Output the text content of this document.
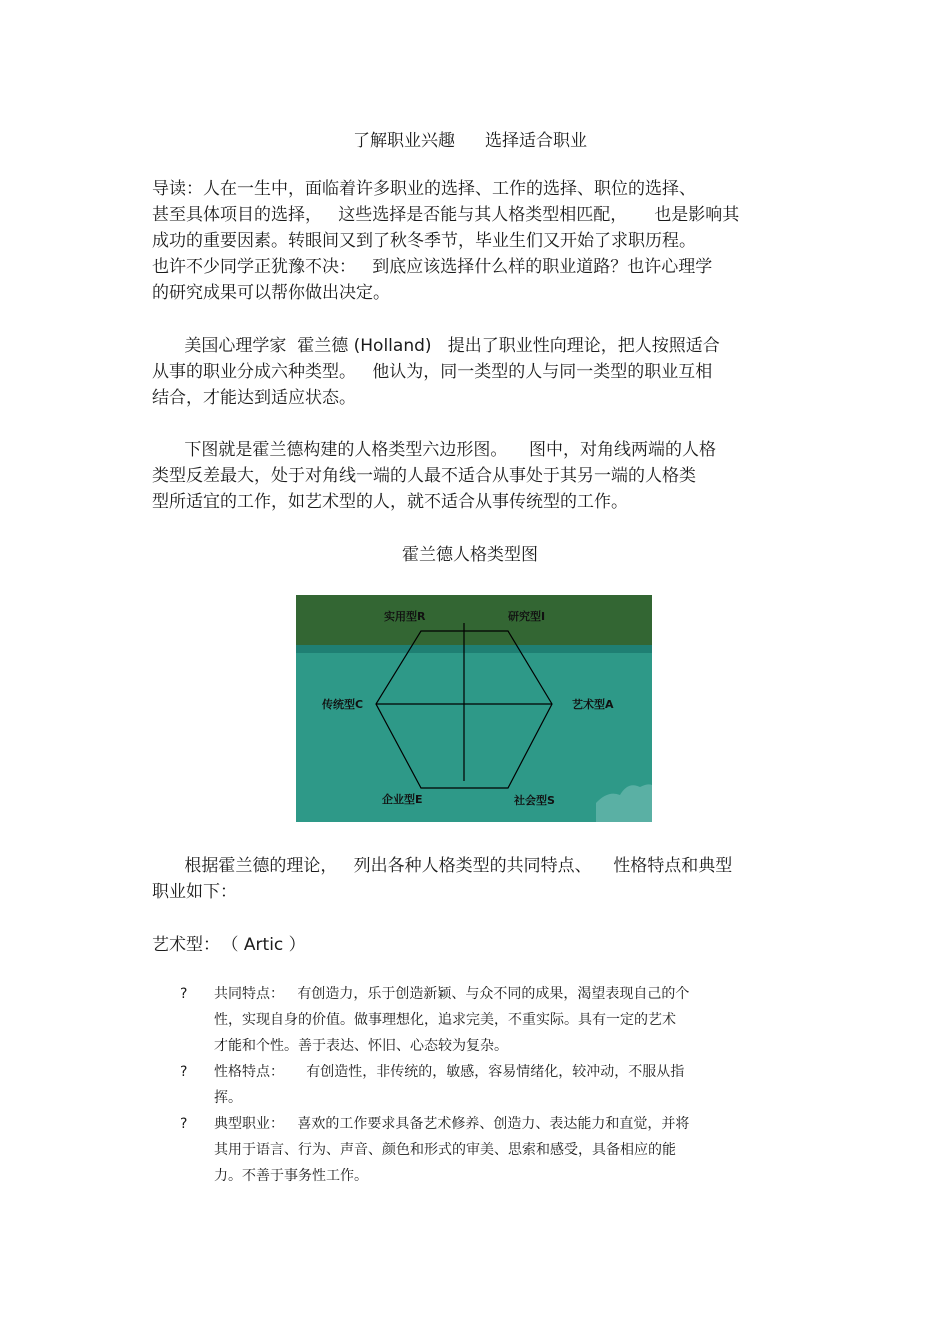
了解职业兴趣 选择适合职业
导读：人在一生中，面临着许多职业的选择、工作的选择、职位的选择、
甚至具体项目的选择，   这些选择是否能与其人格类型相匹配，     也是影响其
成功的重要因素。转眼间又到了秋冬季节，毕业生们又开始了求职历程。
也许不少同学正犹豫不决：   到底应该选择什么样的职业道路？也许心理学
的研究成果可以帮你做出决定。
美国心理学家  霍兰德 (Holland)   提出了职业性向理论，把人按照适合
从事的职业分成六种类型。   他认为，同一类型的人与同一类型的职业互相
结合，才能达到适应状态。
下图就是霍兰德构建的人格类型六边形图。    图中，对角线两端的人格
类型反差最大，处于对角线一端的人最不适合从事处于其另一端的人格类
型所适宜的工作，如艺术型的人，就不适合从事传统型的工作。
霍兰德人格类型图
实用型R	研究型I
传统型C	艺术型A
企业型E	社会型S
根据霍兰德的理论，   列出各种人格类型的共同特点、    性格特点和典型
职业如下：
艺术型： （ Artic ）
? 共同特点：   有创造力，乐于创造新颖、与众不同的成果，渴望表现自己的个
性，实现自身的价值。做事理想化，追求完美，不重实际。具有一定的艺术
才能和个性。善于表达、怀旧、心态较为复杂。
? 性格特点：     有创造性，非传统的，敏感，容易情绪化，较冲动，不服从指
挥。
? 典型职业：   喜欢的工作要求具备艺术修养、创造力、表达能力和直觉，并将
其用于语言、行为、声音、颜色和形式的审美、思索和感受，具备相应的能
力。不善于事务性工作。
